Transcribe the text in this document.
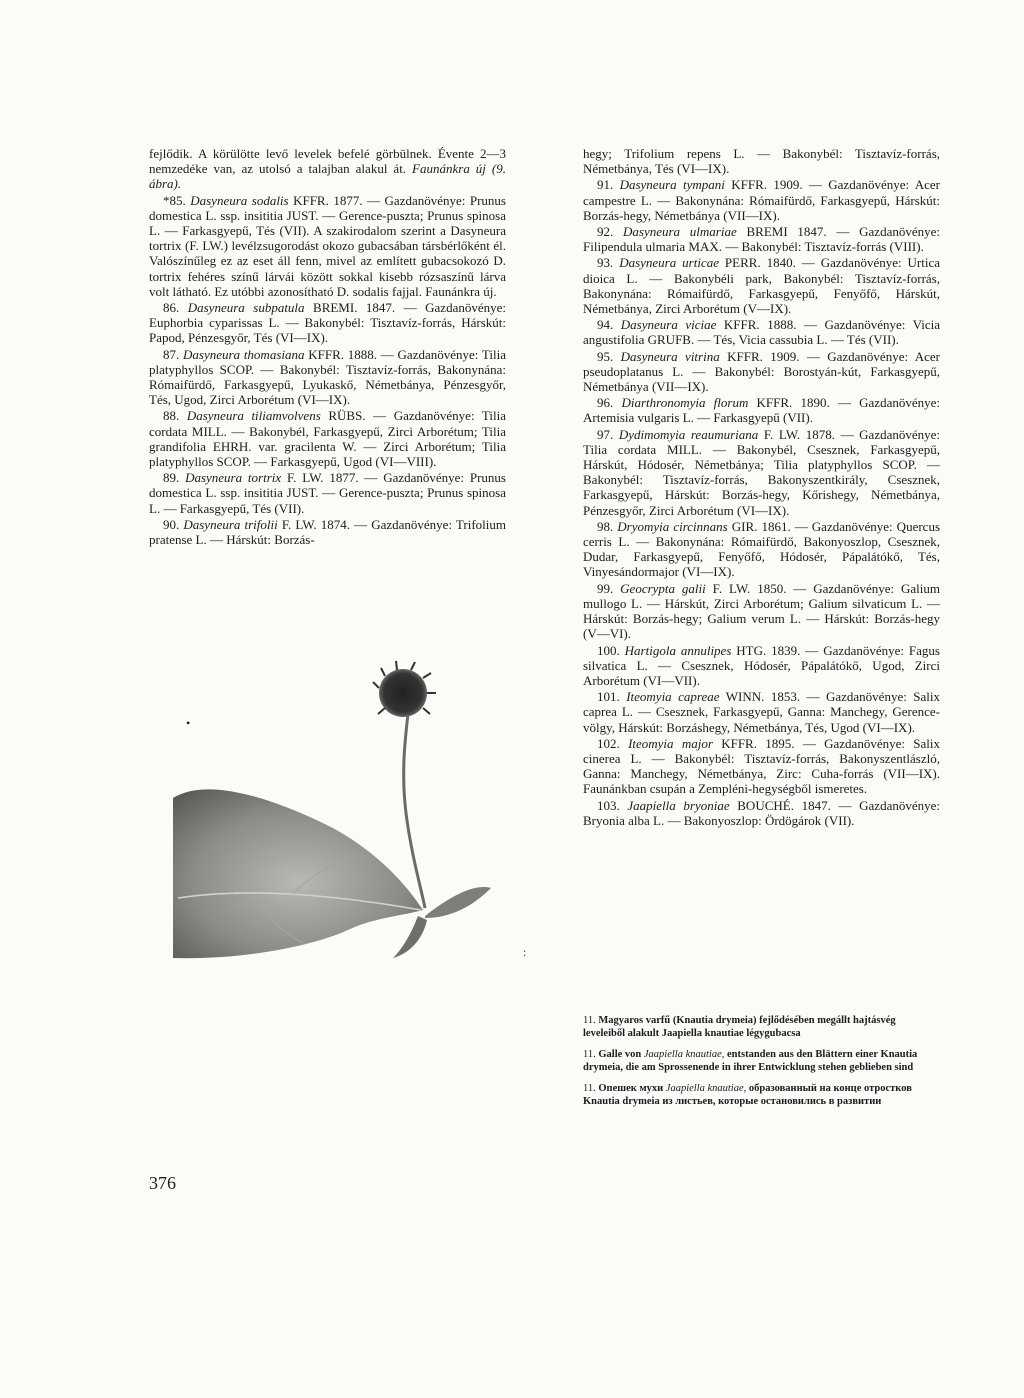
fejlődik. A körülötte levő levelek befelé görbülnek. Évente 2—3 nemzedéke van, az utolsó a talajban alakul át. Faunánkra új (9. ábra).

*85. Dasyneura sodalis KFFR. 1877. — Gazdanövénye: Prunus domestica L. ssp. insititia JUST. — Gerence-puszta; Prunus spinosa L. — Farkasgyepű, Tés (VII). A szakirodalom szerint a Dasyneura tortrix (F. LW.) levélzsugorodást okozo gubacsában társbérlőként él. Valószínűleg ez az eset áll fenn, mivel az említett gubacsokozó D. tortrix fehéres színű lárvái között sokkal kisebb rózsaszínű lárva volt látható. Ez utóbbi azonosítható D. sodalis fajjal. Faunánkra új.

86. Dasyneura subpatula BREMI. 1847. — Gazdanövénye: Euphorbia cyparissas L. — Bakonybél: Tisztavíz-forrás, Hárskút: Papod, Pénzesgyőr, Tés (VI—IX).

87. Dasyneura thomasiana KFFR. 1888. — Gazdanövénye: Tilia platyphyllos SCOP. — Bakonybél: Tisztavíz-forrás, Bakonynána: Rómaifürdő, Farkasgyepű, Lyukaskő, Németbánya, Pénzesgyőr, Tés, Ugod, Zirci Arborétum (VI—IX).

88. Dasyneura tiliamvolvens RÜBS. — Gazdanövénye: Tilia cordata MILL. — Bakonybél, Farkasgyepű, Zirci Arborétum; Tilia grandifolia EHRH. var. gracilenta W. — Zirci Arborétum; Tilia platyphyllos SCOP. — Farkasgyepű, Ugod (VI—VIII).

89. Dasyneura tortrix F. LW. 1877. — Gazdanövénye: Prunus domestica L. ssp. insititia JUST. — Gerence-puszta; Prunus spinosa L. — Farkasgyepű, Tés (VII).

90. Dasyneura trifolii F. LW. 1874. — Gazdanövénye: Trifolium pratense L. — Hárskút: Borzás-

hegy; Trifolium repens L. — Bakonybél: Tisztavíz-forrás, Németbánya, Tés (VI—IX).

91. Dasyneura tympani KFFR. 1909. — Gazdanövénye: Acer campestre L. — Bakonynána: Rómaifürdő, Farkasgyepű, Hárskút: Borzás-hegy, Németbánya (VII—IX).

92. Dasyneura ulmariae BREMI 1847. — Gazdanövénye: Filipendula ulmaria MAX. — Bakonybél: Tisztavíz-forrás (VIII).

93. Dasyneura urticae PERR. 1840. — Gazdanövénye: Urtica dioica L. — Bakonybéli park, Bakonybél: Tisztavíz-forrás, Bakonynána: Rómaifürdő, Farkasgyepű, Fenyőfő, Hárskút, Németbánya, Zirci Arborétum (V—IX).

94. Dasyneura viciae KFFR. 1888. — Gazdanövénye: Vicia angustifolia GRUFB. — Tés, Vicia cassubia L. — Tés (VII).

95. Dasyneura vitrina KFFR. 1909. — Gazdanövénye: Acer pseudoplatanus L. — Bakonybél: Borostyán-kút, Farkasgyepű, Németbánya (VII—IX).

96. Diarthronomyia florum KFFR. 1890. — Gazdanövénye: Artemisia vulgaris L. — Farkasgyepű (VII).

97. Dydimomyia reaumuriana F. LW. 1878. — Gazdanövénye: Tilia cordata MILL. — Bakonybél, Csesznek, Farkasgyepű, Hárskút, Hódosér, Németbánya; Tilia platyphyllos SCOP. — Bakonybél: Tisztavíz-forrás, Bakonyszentkirály, Csesznek, Farkasgyepű, Hárskút: Borzás-hegy, Kőrishegy, Németbánya, Pénzesgyőr, Zirci Arborétum (VI—IX).

98. Dryomyia circinnans GIR. 1861. — Gazdanövénye: Quercus cerris L. — Bakonynána: Rómaifürdő, Bakonyoszlop, Csesznek, Dudar, Farkasgyepű, Fenyőfő, Hódosér, Pápalátókő, Tés, Vinyesándormajor (VI—IX).

99. Geocrypta galii F. LW. 1850. — Gazdanövénye: Galium mullogo L. — Hárskút, Zirci Arborétum; Galium silvaticum L. — Hárskút: Borzás-hegy; Galium verum L. — Hárskút: Borzás-hegy (V—VI).

100. Hartigola annulipes HTG. 1839. — Gazdanövénye: Fagus silvatica L. — Csesznek, Hódosér, Pápalátókő, Ugod, Zirci Arborétum (VI—VII).

101. Iteomyia capreae WINN. 1853. — Gazdanövénye: Salix caprea L. — Csesznek, Farkasgyepű, Ganna: Manchegy, Gerence-völgy, Hárskút: Borzáshegy, Németbánya, Tés, Ugod (VI—IX).

102. Iteomyia major KFFR. 1895. — Gazdanövénye: Salix cinerea L. — Bakonybél: Tisztavíz-forrás, Bakonyszentlászló, Ganna: Manchegy, Németbánya, Zirc: Cuha-forrás (VII—IX). Faunánkban csupán a Zempléni-hegységből ismeretes.

103. Jaapiella bryoniae BOUCHÉ. 1847. — Gazdanövénye: Bryonia alba L. — Bakonyoszlop: Ördögárok (VII).

•
:

11. Magyaros varfű (Knautia drymeia) fejlődésében megállt hajtásvég leveleiből alakult Jaapiella knautiae légygubacsa

11. Galle von Jaapiella knautiae, entstanden aus den Blättern einer Knautia drymeia, die am Sprossenende in ihrer Entwicklung stehen geblieben sind

11. Опешек мухи Jaapiella knautiae, образованный на конце отростков Knautia drymeia из листьев, которые остановились в развитии

376
